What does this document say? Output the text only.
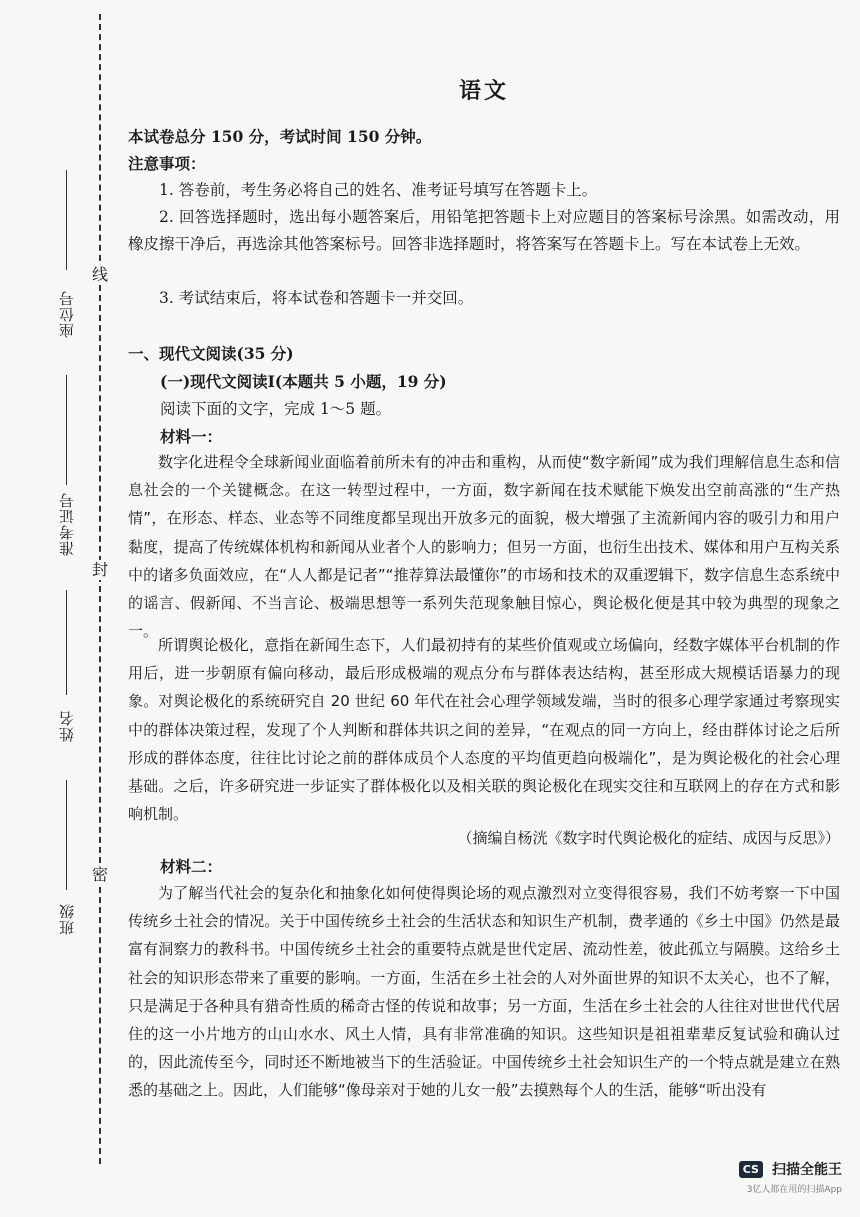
线
封
密
座位号
准考证号
姓名
班级
语文
本试卷总分 150 分，考试时间 150 分钟。
注意事项：
1. 答卷前，考生务必将自己的姓名、准考证号填写在答题卡上。
2. 回答选择题时，选出每小题答案后，用铅笔把答题卡上对应题目的答案标号涂黑。如需改动，用橡皮擦干净后，再选涂其他答案标号。回答非选择题时，将答案写在答题卡上。写在本试卷上无效。
3. 考试结束后，将本试卷和答题卡一并交回。
一、现代文阅读(35 分)
(一)现代文阅读Ⅰ(本题共 5 小题，19 分)
阅读下面的文字，完成 1～5 题。
材料一：
数字化进程令全球新闻业面临着前所未有的冲击和重构，从而使“数字新闻”成为我们理解信息生态和信息社会的一个关键概念。在这一转型过程中，一方面，数字新闻在技术赋能下焕发出空前高涨的“生产热情”，在形态、样态、业态等不同维度都呈现出开放多元的面貌，极大增强了主流新闻内容的吸引力和用户黏度，提高了传统媒体机构和新闻从业者个人的影响力；但另一方面，也衍生出技术、媒体和用户互构关系中的诸多负面效应，在“人人都是记者”“推荐算法最懂你”的市场和技术的双重逻辑下，数字信息生态系统中的谣言、假新闻、不当言论、极端思想等一系列失范现象触目惊心，舆论极化便是其中较为典型的现象之一。
所谓舆论极化，意指在新闻生态下，人们最初持有的某些价值观或立场偏向，经数字媒体平台机制的作用后，进一步朝原有偏向移动，最后形成极端的观点分布与群体表达结构，甚至形成大规模话语暴力的现象。对舆论极化的系统研究自 20 世纪 60 年代在社会心理学领域发端，当时的很多心理学家通过考察现实中的群体决策过程，发现了个人判断和群体共识之间的差异，“在观点的同一方向上，经由群体讨论之后所形成的群体态度，往往比讨论之前的群体成员个人态度的平均值更趋向极端化”，是为舆论极化的社会心理基础。之后，许多研究进一步证实了群体极化以及相关联的舆论极化在现实交往和互联网上的存在方式和影响机制。
（摘编自杨洸《数字时代舆论极化的症结、成因与反思》）
材料二：
为了解当代社会的复杂化和抽象化如何使得舆论场的观点激烈对立变得很容易，我们不妨考察一下中国传统乡土社会的情况。关于中国传统乡土社会的生活状态和知识生产机制，费孝通的《乡土中国》仍然是最富有洞察力的教科书。中国传统乡土社会的重要特点就是世代定居、流动性差，彼此孤立与隔膜。这给乡土社会的知识形态带来了重要的影响。一方面，生活在乡土社会的人对外面世界的知识不太关心，也不了解，只是满足于各种具有猎奇性质的稀奇古怪的传说和故事；另一方面，生活在乡土社会的人往往对世世代代居住的这一小片地方的山山水水、风土人情，具有非常准确的知识。这些知识是祖祖辈辈反复试验和确认过的，因此流传至今，同时还不断地被当下的生活验证。中国传统乡土社会知识生产的一个特点就是建立在熟悉的基础之上。因此，人们能够“像母亲对于她的儿女一般”去摸熟每个人的生活，能够“听出没有
CS 扫描全能王
3亿人都在用的扫描App
